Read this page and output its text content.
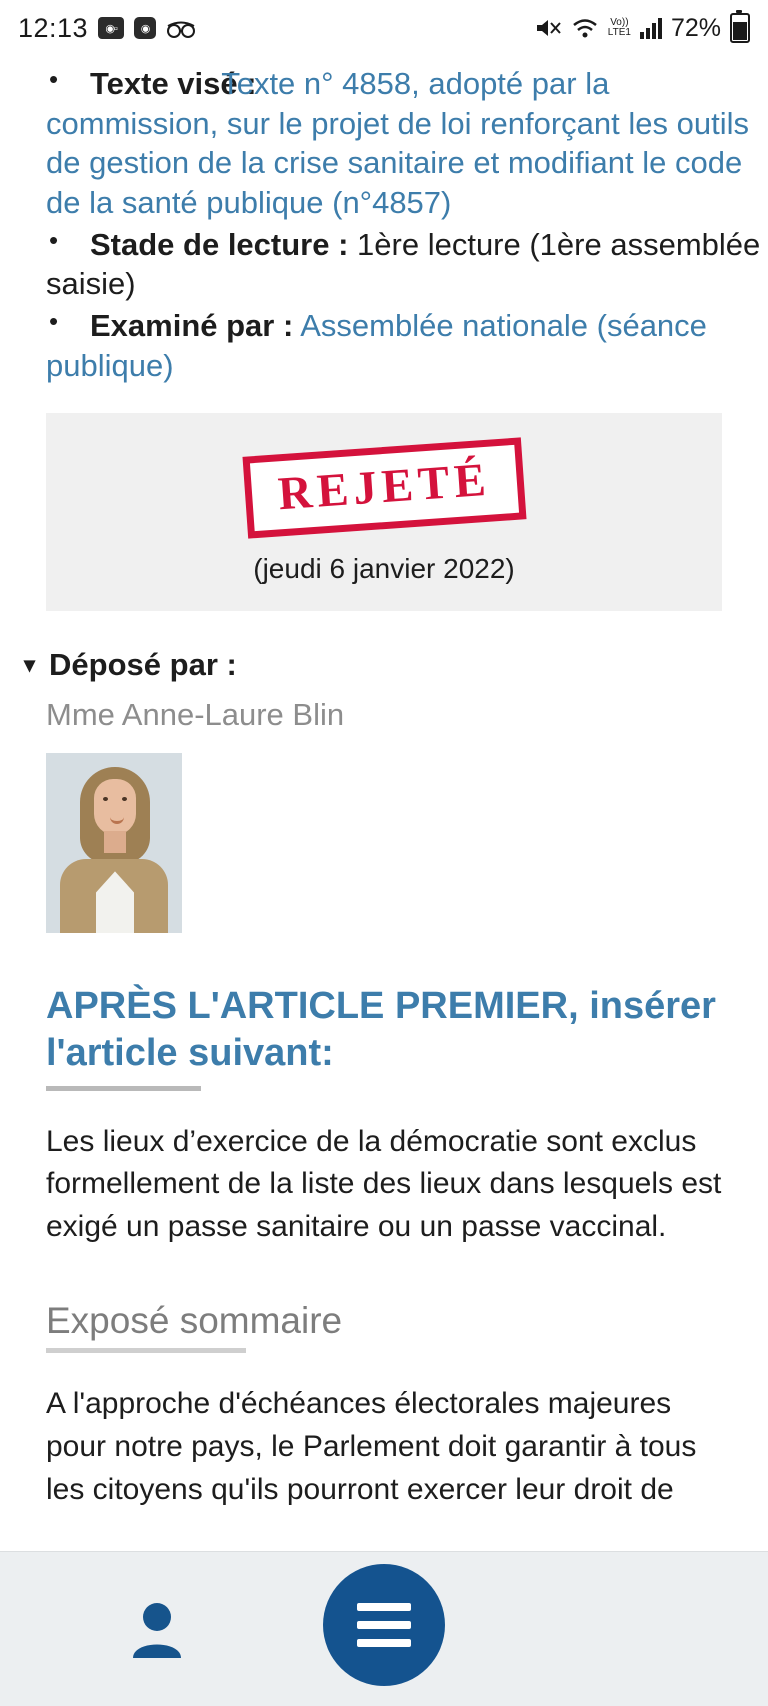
12:13	◉▫	◉	Vo))
LTE1 72%
• Texte visé : Texte n° 4858, adopté par la commission, sur le projet de loi renforçant les outils de gestion de la crise sanitaire et modifiant le code de la santé publique (n°4857)
• Stade de lecture : 1ère lecture (1ère assemblée saisie)
• Examiné par : Assemblée nationale (séance publique)
REJETÉ
(jeudi 6 janvier 2022)
▾ Déposé par :
Mme Anne-Laure Blin
APRÈS L'ARTICLE PREMIER, insérer l'article suivant:

Les lieux d’exercice de la démocratie sont exclus formellement de la liste des lieux dans lesquels est exigé un passe sanitaire ou un passe vaccinal.

Exposé sommaire

A l'approche d'échéances électorales majeures pour notre pays, le Parlement doit garantir à tous les citoyens qu'ils pourront exercer leur droit de
